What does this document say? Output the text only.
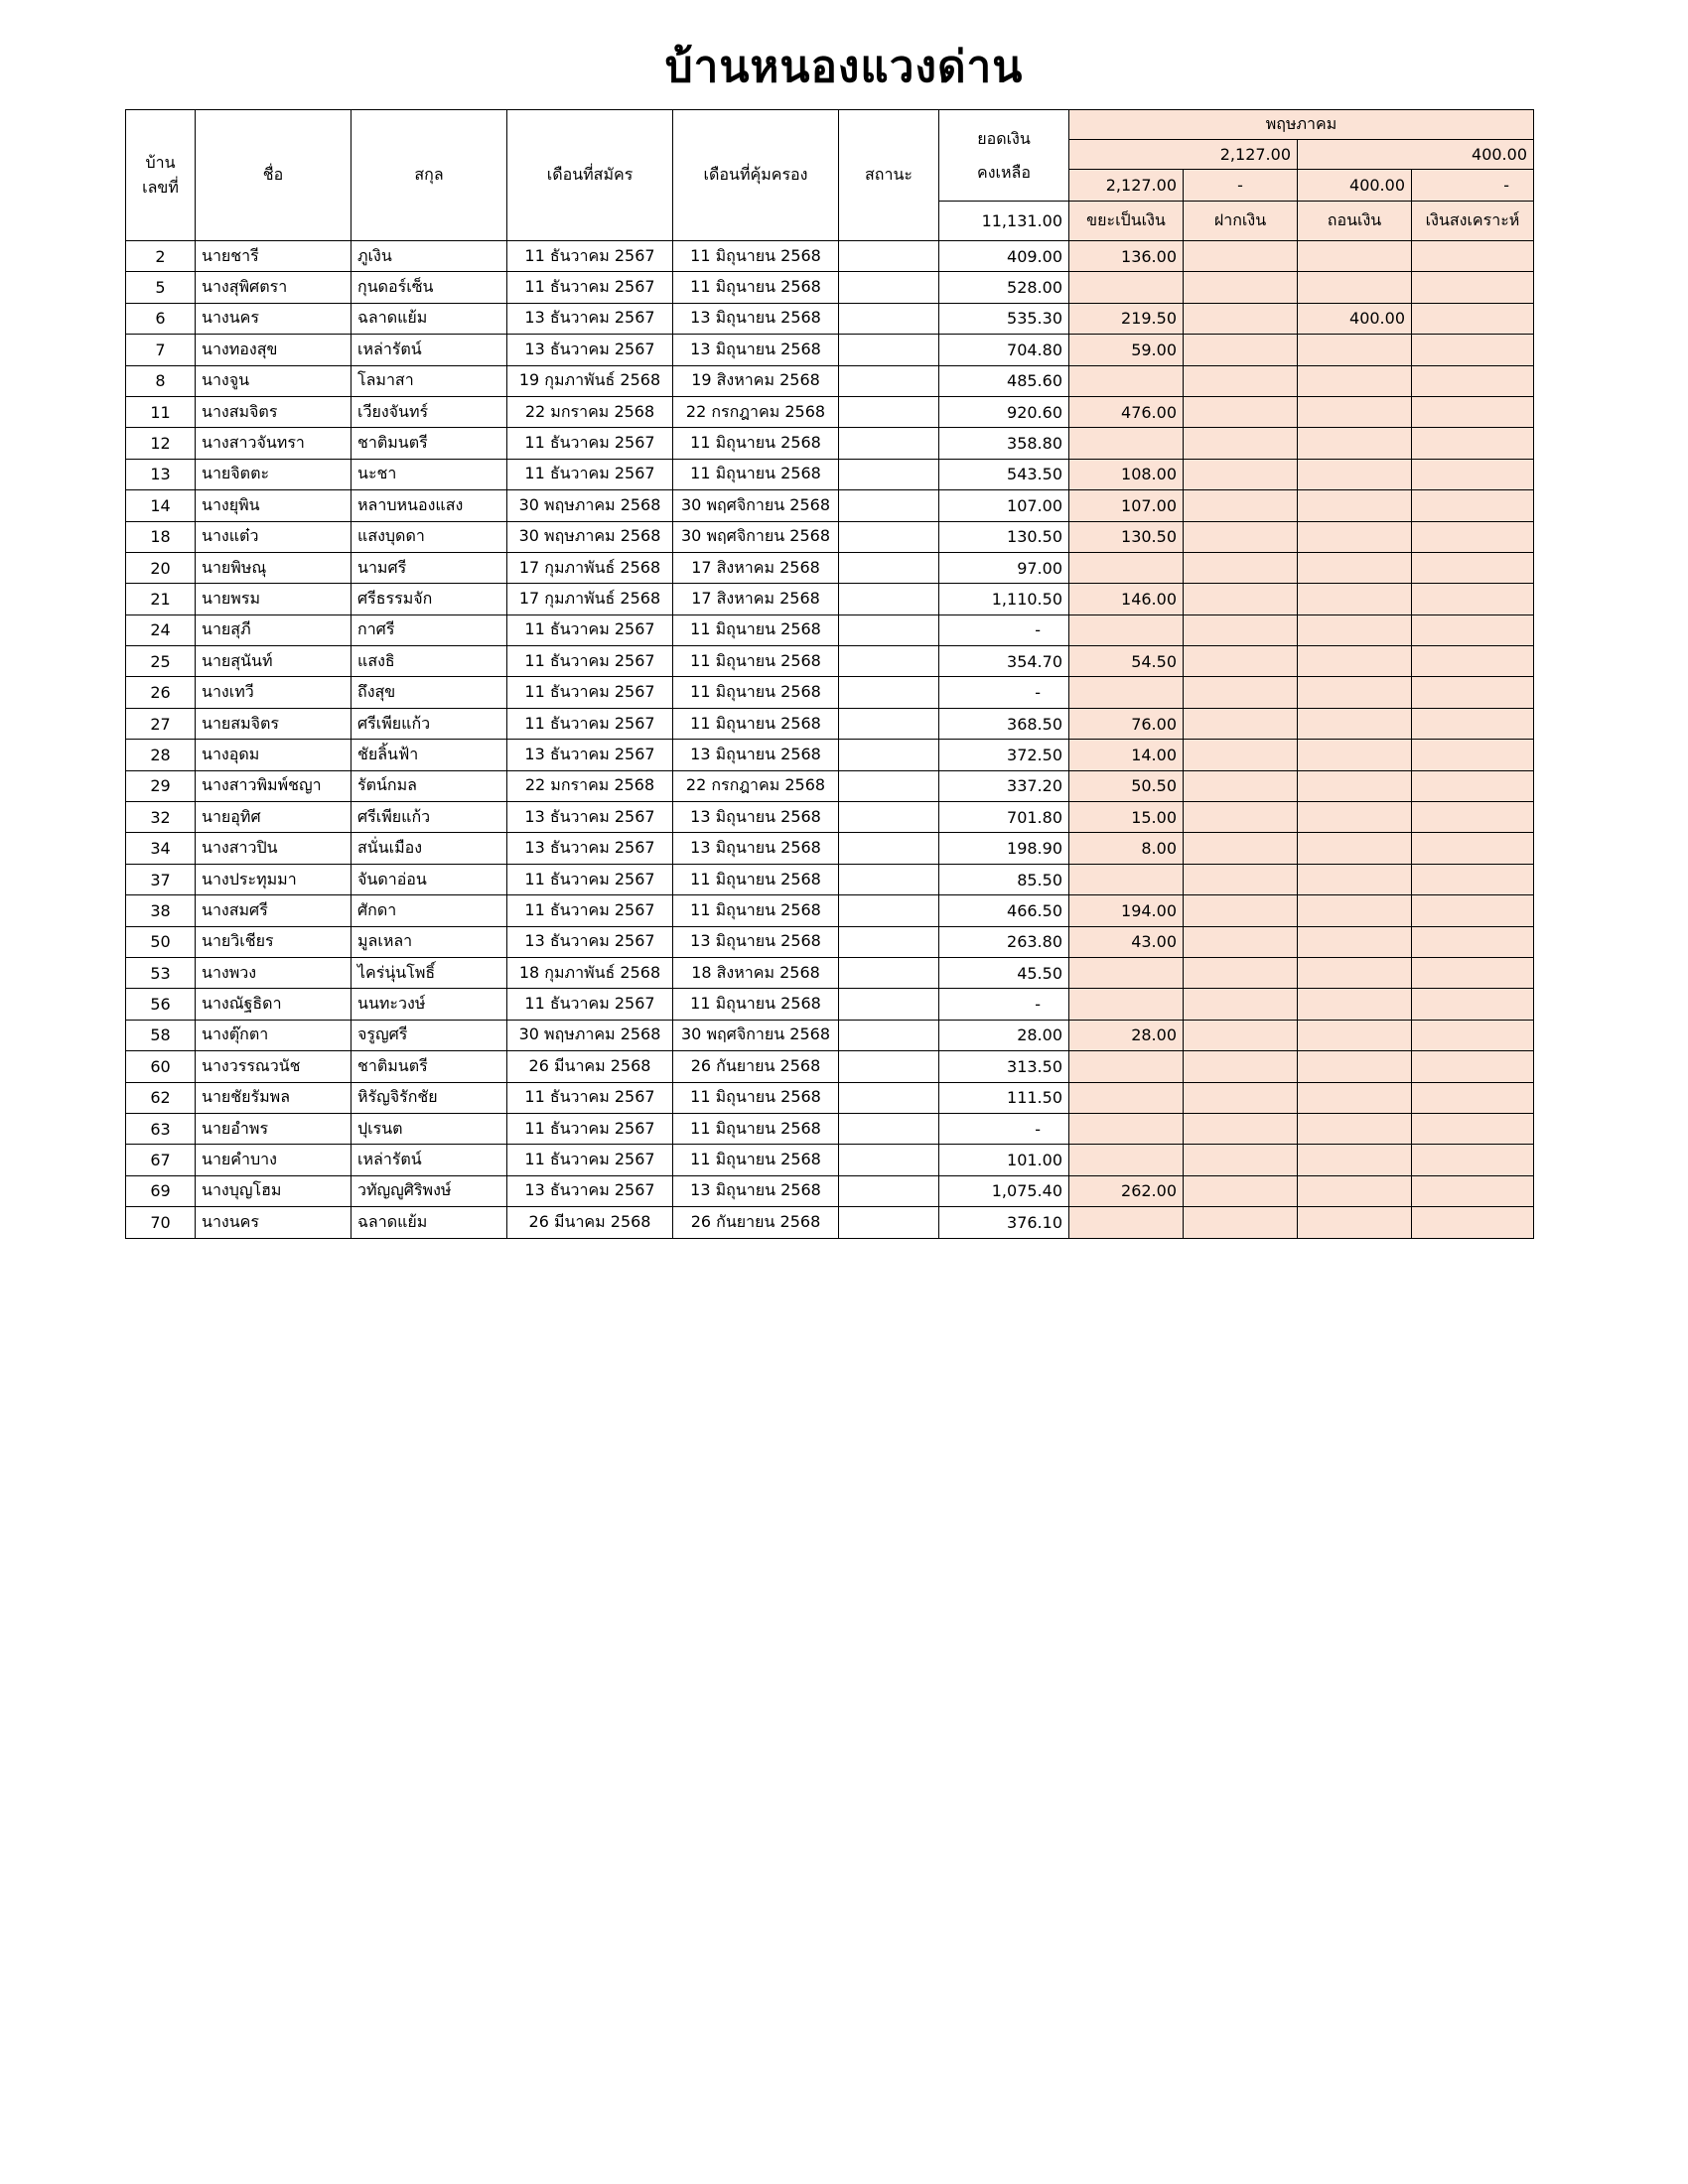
บ้านหนองแวงด่าน
บ้าน
เลขที่	ชื่อ	สกุล	เดือนที่สมัคร	เดือนที่คุ้มครอง	สถานะ	ยอดเงิน
คงเหลือ	พฤษภาคม			
							2,127.00		400.00	
							2,127.00	-	400.00	-
						11,131.00	ขยะเป็นเงิน	ฝากเงิน	ถอนเงิน	เงินสงเคราะห์
2	นายชารี	ภูเงิน	11 ธันวาคม 2567	11 มิถุนายน 2568		409.00	136.00			
5	นางสุพิศตรา	กุนดอร์เซ็น	11 ธันวาคม 2567	11 มิถุนายน 2568		528.00				
6	นางนคร	ฉลาดแย้ม	13 ธันวาคม 2567	13 มิถุนายน 2568		535.30	219.50		400.00	
7	นางทองสุข	เหล่ารัตน์	13 ธันวาคม 2567	13 มิถุนายน 2568		704.80	59.00			
8	นางจูน	โลมาสา	19 กุมภาพันธ์ 2568	19 สิงหาคม 2568		485.60				
11	นางสมจิตร	เวียงจันทร์	22 มกราคม 2568	22 กรกฎาคม 2568		920.60	476.00			
12	นางสาวจันทรา	ชาติมนตรี	11 ธันวาคม 2567	11 มิถุนายน 2568		358.80				
13	นายจิตตะ	นะชา	11 ธันวาคม 2567	11 มิถุนายน 2568		543.50	108.00			
14	นางยุพิน	หลาบหนองแสง	30 พฤษภาคม 2568	30 พฤศจิกายน 2568		107.00	107.00			
18	นางแต๋ว	แสงบุดดา	30 พฤษภาคม 2568	30 พฤศจิกายน 2568		130.50	130.50			
20	นายพิษณุ	นามศรี	17 กุมภาพันธ์ 2568	17 สิงหาคม 2568		97.00				
21	นายพรม	ศรีธรรมจัก	17 กุมภาพันธ์ 2568	17 สิงหาคม 2568		1,110.50	146.00			
24	นายสุภี	กาศรี	11 ธันวาคม 2567	11 มิถุนายน 2568		-				
25	นายสุนันท์	แสงธิ	11 ธันวาคม 2567	11 มิถุนายน 2568		354.70	54.50			
26	นางเทวี	ถึงสุข	11 ธันวาคม 2567	11 มิถุนายน 2568		-				
27	นายสมจิตร	ศรีเพียแก้ว	11 ธันวาคม 2567	11 มิถุนายน 2568		368.50	76.00			
28	นางอุดม	ชัยลิ้นฟ้า	13 ธันวาคม 2567	13 มิถุนายน 2568		372.50	14.00			
29	นางสาวพิมพ์ชญา	รัตน์กมล	22 มกราคม 2568	22 กรกฎาคม 2568		337.20	50.50			
32	นายอุทิศ	ศรีเพียแก้ว	13 ธันวาคม 2567	13 มิถุนายน 2568		701.80	15.00			
34	นางสาวปิน	สนั่นเมือง	13 ธันวาคม 2567	13 มิถุนายน 2568		198.90	8.00			
37	นางประทุมมา	จันดาอ่อน	11 ธันวาคม 2567	11 มิถุนายน 2568		85.50				
38	นางสมศรี	ศักดา	11 ธันวาคม 2567	11 มิถุนายน 2568		466.50	194.00			
50	นายวิเชียร	มูลเหลา	13 ธันวาคม 2567	13 มิถุนายน 2568		263.80	43.00			
53	นางพวง	ไคร่นุ่นโพธิ์	18 กุมภาพันธ์ 2568	18 สิงหาคม 2568		45.50				
56	นางณัฐธิดา	นนทะวงษ์	11 ธันวาคม 2567	11 มิถุนายน 2568		-				
58	นางตุ๊กตา	จรูญศรี	30 พฤษภาคม 2568	30 พฤศจิกายน 2568		28.00	28.00			
60	นางวรรณวนัช	ชาติมนตรี	26 มีนาคม 2568	26 กันยายน 2568		313.50				
62	นายชัยรัมพล	หิรัญจิรักชัย	11 ธันวาคม 2567	11 มิถุนายน 2568		111.50				
63	นายอำพร	ปุเรนต	11 ธันวาคม 2567	11 มิถุนายน 2568		-				
67	นายคำบาง	เหล่ารัตน์	11 ธันวาคม 2567	11 มิถุนายน 2568		101.00				
69	นางบุญโฮม	วทัญญูศิริพงษ์	13 ธันวาคม 2567	13 มิถุนายน 2568		1,075.40	262.00			
70	นางนคร	ฉลาดแย้ม	26 มีนาคม 2568	26 กันยายน 2568		376.10				
